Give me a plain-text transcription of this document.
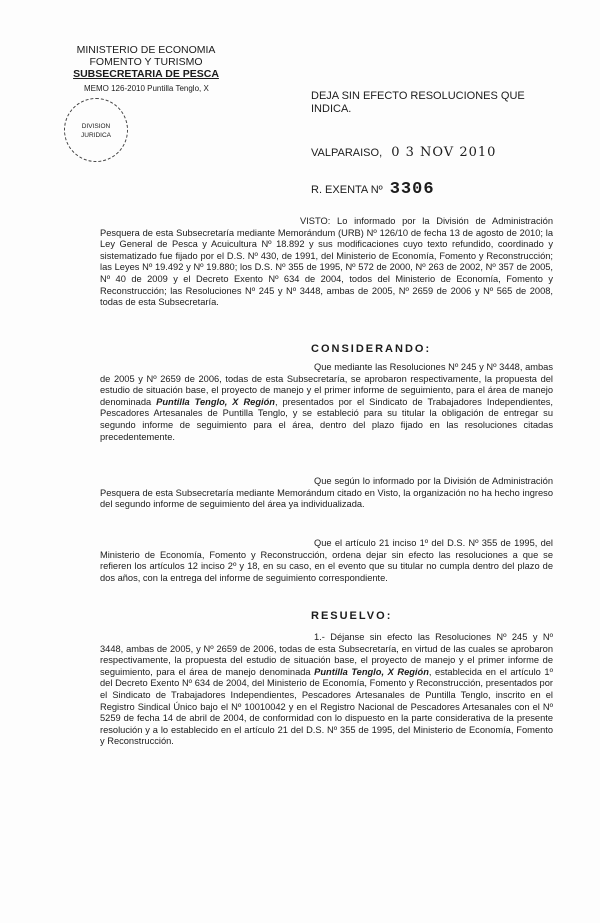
MINISTERIO DE ECONOMIA
FOMENTO Y TURISMO
SUBSECRETARIA DE PESCA
MEMO 126-2010 Puntilla Tenglo, X
DIVISION
JURIDICA
DEJA SIN EFECTO RESOLUCIONES QUE INDICA.
VALPARAISO, 0 3 NOV 2010
R. EXENTA Nº 3306
VISTO: Lo informado por la División de Administración Pesquera de esta Subsecretaría mediante Memorándum (URB) Nº 126/10 de fecha 13 de agosto de 2010; la Ley General de Pesca y Acuicultura Nº 18.892 y sus modificaciones cuyo texto refundido, coordinado y sistematizado fue fijado por el D.S. Nº 430, de 1991, del Ministerio de Economía, Fomento y Reconstrucción; las Leyes Nº 19.492 y Nº 19.880; los D.S. Nº 355 de 1995, Nº 572 de 2000, Nº 263 de 2002, Nº 357 de 2005, Nº 40 de 2009 y el Decreto Exento Nº 634 de 2004, todos del Ministerio de Economía, Fomento y Reconstrucción; las Resoluciones Nº 245 y Nº 3448, ambas de 2005, Nº 2659 de 2006 y Nº 565 de 2008, todas de esta Subsecretaría.
CONSIDERANDO:
Que mediante las Resoluciones Nº 245 y Nº 3448, ambas de 2005 y Nº 2659 de 2006, todas de esta Subsecretaría, se aprobaron respectivamente, la propuesta del estudio de situación base, el proyecto de manejo y el primer informe de seguimiento, para el área de manejo denominada Puntilla Tenglo, X Región, presentados por el Sindicato de Trabajadores Independientes, Pescadores Artesanales de Puntilla Tenglo, y se estableció para su titular la obligación de entregar su segundo informe de seguimiento para el área, dentro del plazo fijado en las resoluciones citadas precedentemente.
Que según lo informado por la División de Administración Pesquera de esta Subsecretaría mediante Memorándum citado en Visto, la organización no ha hecho ingreso del segundo informe de seguimiento del área ya individualizada.
Que el artículo 21 inciso 1º del D.S. Nº 355 de 1995, del Ministerio de Economía, Fomento y Reconstrucción, ordena dejar sin efecto las resoluciones a que se refieren los artículos 12 inciso 2º y 18, en su caso, en el evento que su titular no cumpla dentro del plazo de dos años, con la entrega del informe de seguimiento correspondiente.
RESUELVO:
1.- Déjanse sin efecto las Resoluciones Nº 245 y Nº 3448, ambas de 2005, y Nº 2659 de 2006, todas de esta Subsecretaría, en virtud de las cuales se aprobaron respectivamente, la propuesta del estudio de situación base, el proyecto de manejo y el primer informe de seguimiento, para el área de manejo denominada Puntilla Tenglo, X Región, establecida en el artículo 1º del Decreto Exento Nº 634 de 2004, del Ministerio de Economía, Fomento y Reconstrucción, presentados por el Sindicato de Trabajadores Independientes, Pescadores Artesanales de Puntilla Tenglo, inscrito en el Registro Sindical Único bajo el Nº 10010042 y en el Registro Nacional de Pescadores Artesanales con el Nº 5259 de fecha 14 de abril de 2004, de conformidad con lo dispuesto en la parte considerativa de la presente resolución y a lo establecido en el artículo 21 del D.S. Nº 355 de 1995, del Ministerio de Economía, Fomento y Reconstrucción.
